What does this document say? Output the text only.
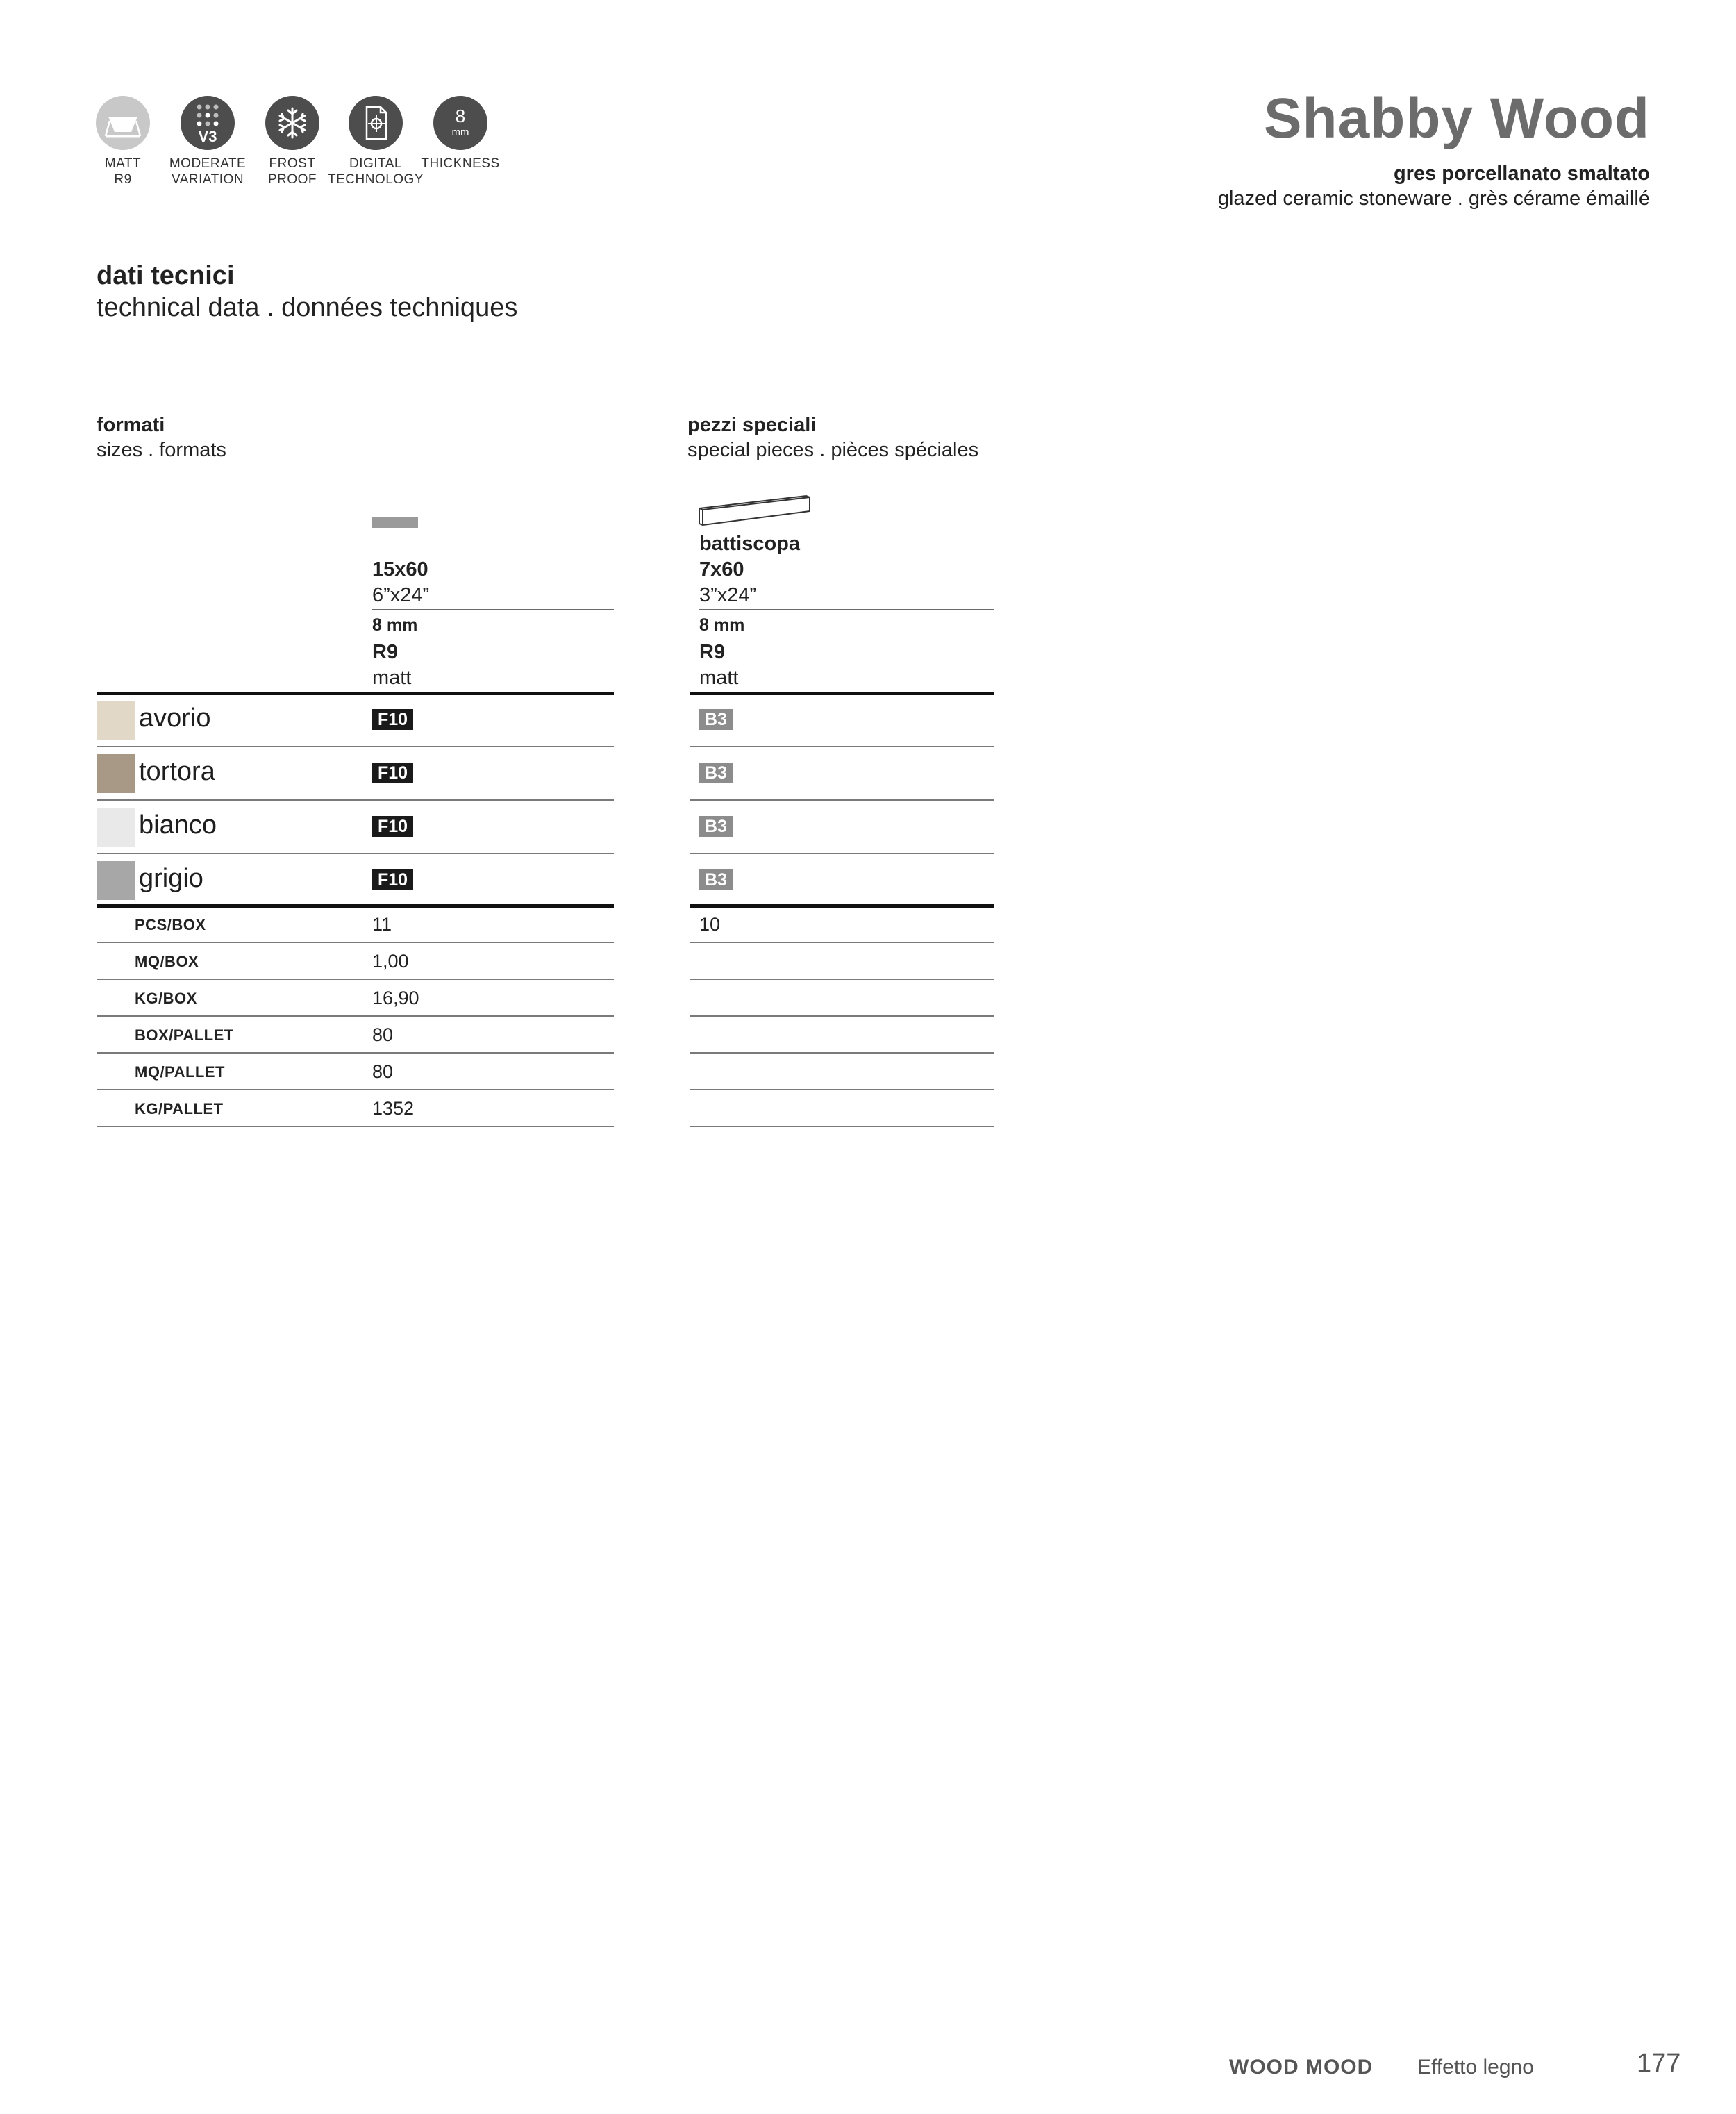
MATT
R9
V3
MODERATE
VARIATION
FROST
PROOF
DIGITAL
TECHNOLOGY
8
mm
THICKNESS

Shabby Wood
gres porcellanato smaltato
glazed ceramic stoneware . grès cérame émaillé
dati tecnici
technical data . données techniques
formati
sizes . formats
pezzi speciali
special pieces . pièces spéciales
15x60
6”x24”
8 mm
R9
matt
battiscopa
7x60
3”x24”
8 mm
R9
matt
avorio	F10	B3
tortora	F10	B3
bianco	F10	B3
grigio	F10	B3
PCS/BOX	11	10
MQ/BOX	1,00
KG/BOX	16,90
BOX/PALLET	80
MQ/PALLET	80
KG/PALLET	1352
WOOD MOOD Effetto legno	177
